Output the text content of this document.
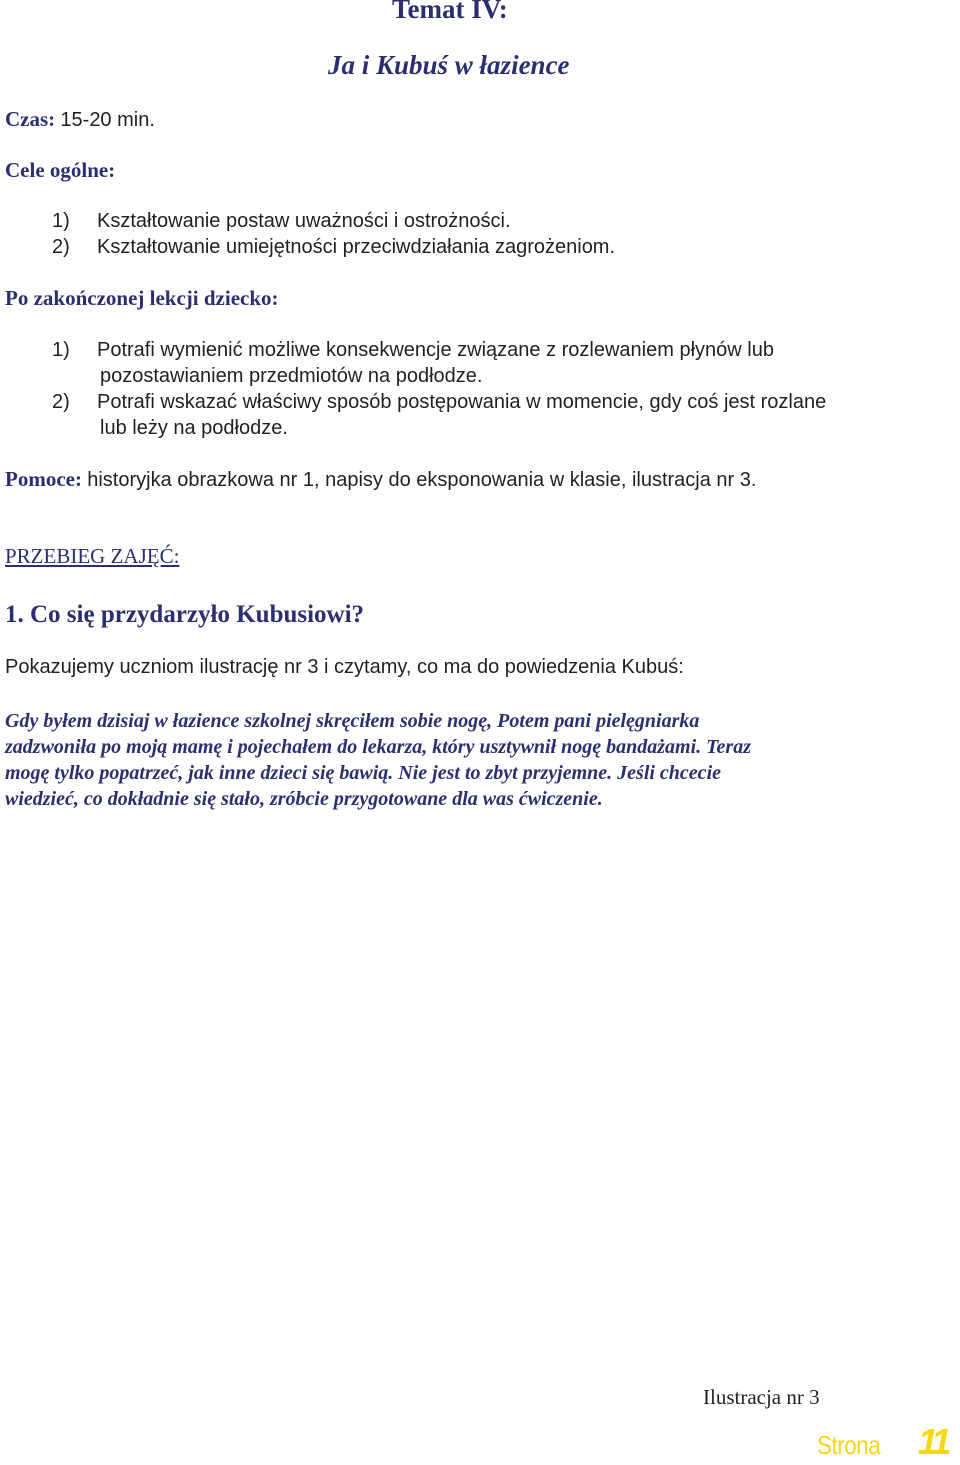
Temat IV:
Ja i Kubuś w łazience
Czas: 15-20 min.
Cele ogólne:
1) Kształtowanie postaw uważności i ostrożności.
2) Kształtowanie umiejętności przeciwdziałania zagrożeniom.
Po zakończonej lekcji dziecko:
1) Potrafi wymienić możliwe konsekwencje związane z rozlewaniem płynów lub
pozostawianiem przedmiotów na podłodze.
2) Potrafi wskazać właściwy sposób postępowania w momencie, gdy coś jest rozlane
lub leży na podłodze.
Pomoce: historyjka obrazkowa nr 1, napisy do eksponowania w klasie, ilustracja nr 3.
PRZEBIEG ZAJĘĆ:
1. Co się przydarzyło Kubusiowi?
Pokazujemy uczniom ilustrację nr 3 i czytamy, co ma do powiedzenia Kubuś:
Gdy byłem dzisiaj w łazience szkolnej skręciłem sobie nogę, Potem pani pielęgniarka
zadzwoniła po moją mamę i pojechałem do lekarza, który usztywnił nogę bandażami. Teraz
mogę tylko popatrzeć, jak inne dzieci się bawią. Nie jest to zbyt przyjemne. Jeśli chcecie
wiedzieć, co dokładnie się stało, zróbcie przygotowane dla was ćwiczenie.
Ilustracja nr 3
Strona 11
